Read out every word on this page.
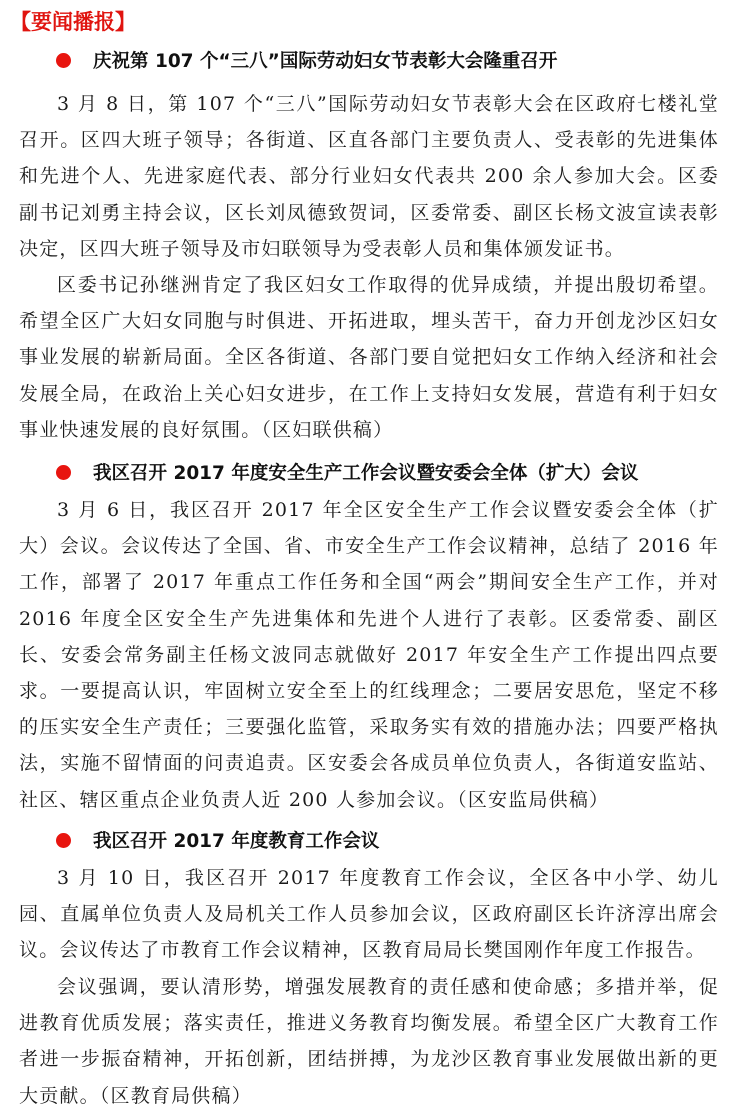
【要闻播报】
庆祝第 107 个“三八”国际劳动妇女节表彰大会隆重召开

3 月 8 日，第 107 个“三八”国际劳动妇女节表彰大会在区政府七楼礼堂召开。区四大班子领导；各街道、区直各部门主要负责人、受表彰的先进集体和先进个人、先进家庭代表、部分行业妇女代表共 200 余人参加大会。区委副书记刘勇主持会议，区长刘凤德致贺词，区委常委、副区长杨文波宣读表彰决定，区四大班子领导及市妇联领导为受表彰人员和集体颁发证书。

区委书记孙继洲肯定了我区妇女工作取得的优异成绩，并提出殷切希望。希望全区广大妇女同胞与时俱进、开拓进取，埋头苦干，奋力开创龙沙区妇女事业发展的崭新局面。全区各街道、各部门要自觉把妇女工作纳入经济和社会发展全局，在政治上关心妇女进步，在工作上支持妇女发展，营造有利于妇女事业快速发展的良好氛围。（区妇联供稿）

我区召开 2017 年度安全生产工作会议暨安委会全体（扩大）会议

3 月 6 日，我区召开 2017 年全区安全生产工作会议暨安委会全体（扩大）会议。会议传达了全国、省、市安全生产工作会议精神，总结了 2016 年工作，部署了 2017 年重点工作任务和全国“两会”期间安全生产工作，并对 2016 年度全区安全生产先进集体和先进个人进行了表彰。区委常委、副区长、安委会常务副主任杨文波同志就做好 2017 年安全生产工作提出四点要求。一要提高认识，牢固树立安全至上的红线理念；二要居安思危，坚定不移的压实安全生产责任；三要强化监管，采取务实有效的措施办法；四要严格执法，实施不留情面的问责追责。区安委会各成员单位负责人，各街道安监站、社区、辖区重点企业负责人近 200 人参加会议。（区安监局供稿）

我区召开 2017 年度教育工作会议

3 月 10 日，我区召开 2017 年度教育工作会议，全区各中小学、幼儿园、直属单位负责人及局机关工作人员参加会议，区政府副区长许济淳出席会议。会议传达了市教育工作会议精神，区教育局局长樊国刚作年度工作报告。

会议强调，要认清形势，增强发展教育的责任感和使命感；多措并举，促进教育优质发展；落实责任，推进义务教育均衡发展。希望全区广大教育工作者进一步振奋精神，开拓创新，团结拼搏，为龙沙区教育事业发展做出新的更大贡献。（区教育局供稿）
